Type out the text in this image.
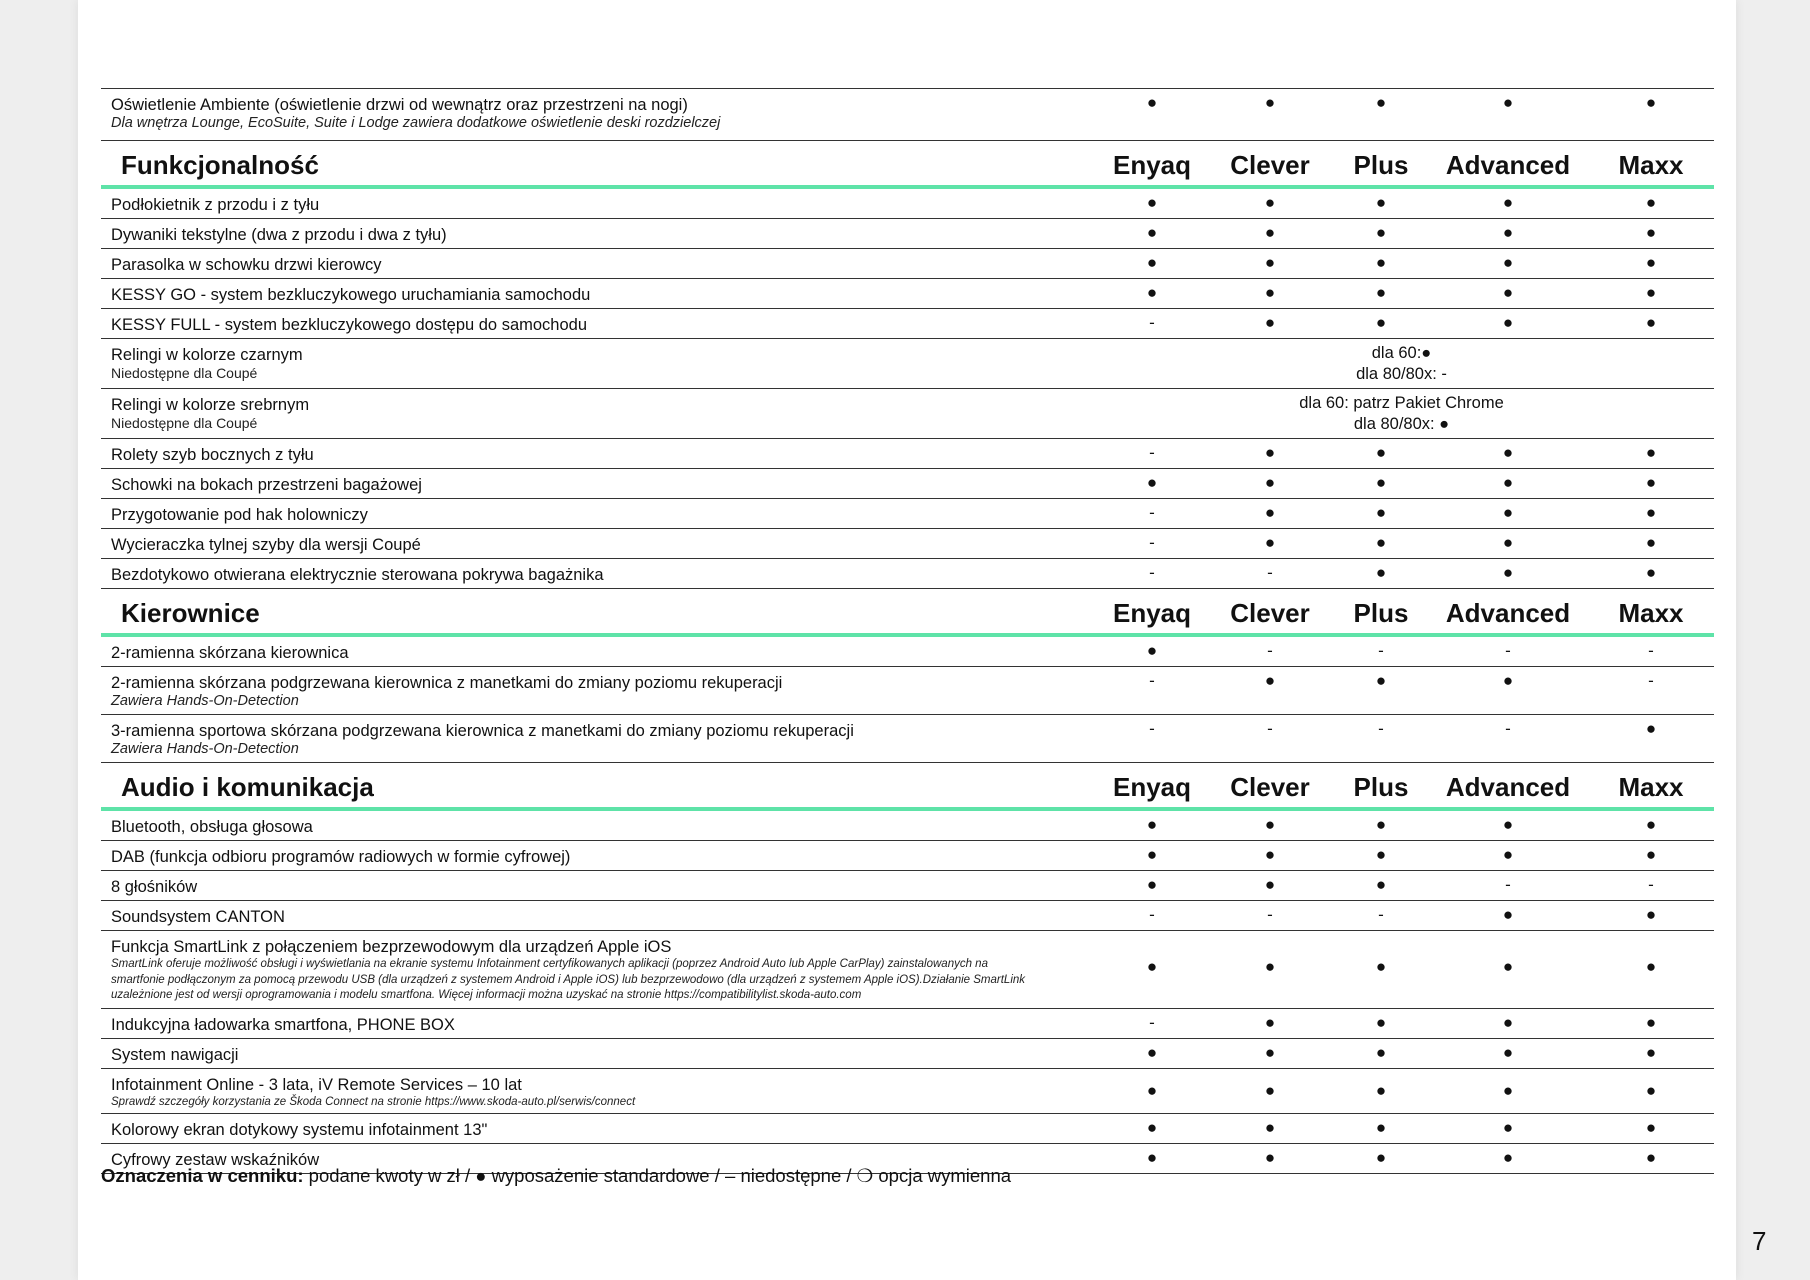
Oświetlenie Ambiente (oświetlenie drzwi od wewnątrz oraz przestrzeni na nogi)
Dla wnętrza Lounge, EcoSuite, Suite i Lodge zawiera dodatkowe oświetlenie deski rozdzielczej
●	●	●	●	●
Funkcjonalność	Enyaq Clever Plus Advanced Maxx
Podłokietnik z przodu i z tyłu	●	●	●	●	●
Dywaniki tekstylne (dwa z przodu i dwa z tyłu)	●	●	●	●	●
Parasolka w schowku drzwi kierowcy	●	●	●	●	●
KESSY GO - system bezkluczykowego uruchamiania samochodu	●	●	●	●	●
KESSY FULL - system bezkluczykowego dostępu do samochodu	-	●	●	●	●
Relingi w kolorze czarnym
Niedostępne dla Coupé
dla 60:●
dla 80/80x: -
Relingi w kolorze srebrnym
Niedostępne dla Coupé
dla 60: patrz Pakiet Chrome
dla 80/80x: ●
Rolety szyb bocznych z tyłu	-	●	●	●	●
Schowki na bokach przestrzeni bagażowej	●	●	●	●	●
Przygotowanie pod hak holowniczy	-	●	●	●	●
Wycieraczka tylnej szyby dla wersji Coupé	-	●	●	●	●
Bezdotykowo otwierana elektrycznie sterowana pokrywa bagażnika	-	-	●	●	●
Kierownice	Enyaq Clever Plus Advanced Maxx
2-ramienna skórzana kierownica	●	-	-	-	-
2-ramienna skórzana podgrzewana kierownica z manetkami do zmiany poziomu rekuperacji
Zawiera Hands-On-Detection
-	●	●	●	-
3-ramienna sportowa skórzana podgrzewana kierownica z manetkami do zmiany poziomu rekuperacji
Zawiera Hands-On-Detection
-	-	-	-	●
Audio i komunikacja	Enyaq Clever Plus Advanced Maxx
Bluetooth, obsługa głosowa	●	●	●	●	●
DAB (funkcja odbioru programów radiowych w formie cyfrowej)	●	●	●	●	●
8 głośników	●	●	●	-	-
Soundsystem CANTON	-	-	-	●	●
Funkcja SmartLink z połączeniem bezprzewodowym dla urządzeń Apple iOS
SmartLink oferuje możliwość obsługi i wyświetlania na ekranie systemu Infotainment certyfikowanych aplikacji (poprzez Android Auto lub Apple CarPlay) zainstalowanych na
smartfonie podłączonym za pomocą przewodu USB (dla urządzeń z systemem Android i Apple iOS) lub bezprzewodowo (dla urządzeń z systemem Apple iOS).Działanie SmartLink
uzależnione jest od wersji oprogramowania i modelu smartfona. Więcej informacji można uzyskać na stronie https://compatibilitylist.skoda-auto.com
●	●	●	●	●
Indukcyjna ładowarka smartfona, PHONE BOX	-	●	●	●	●
System nawigacji	●	●	●	●	●
Infotainment Online - 3 lata, iV Remote Services – 10 lat
Sprawdź szczegóły korzystania ze Škoda Connect na stronie https://www.skoda-auto.pl/serwis/connect
●	●	●	●	●
Kolorowy ekran dotykowy systemu infotainment 13"	●	●	●	●	●
Cyfrowy zestaw wskaźników	●	●	●	●	●
Oznaczenia w cenniku: podane kwoty w zł / ● wyposażenie standardowe / – niedostępne / ❍ opcja wymienna
7
